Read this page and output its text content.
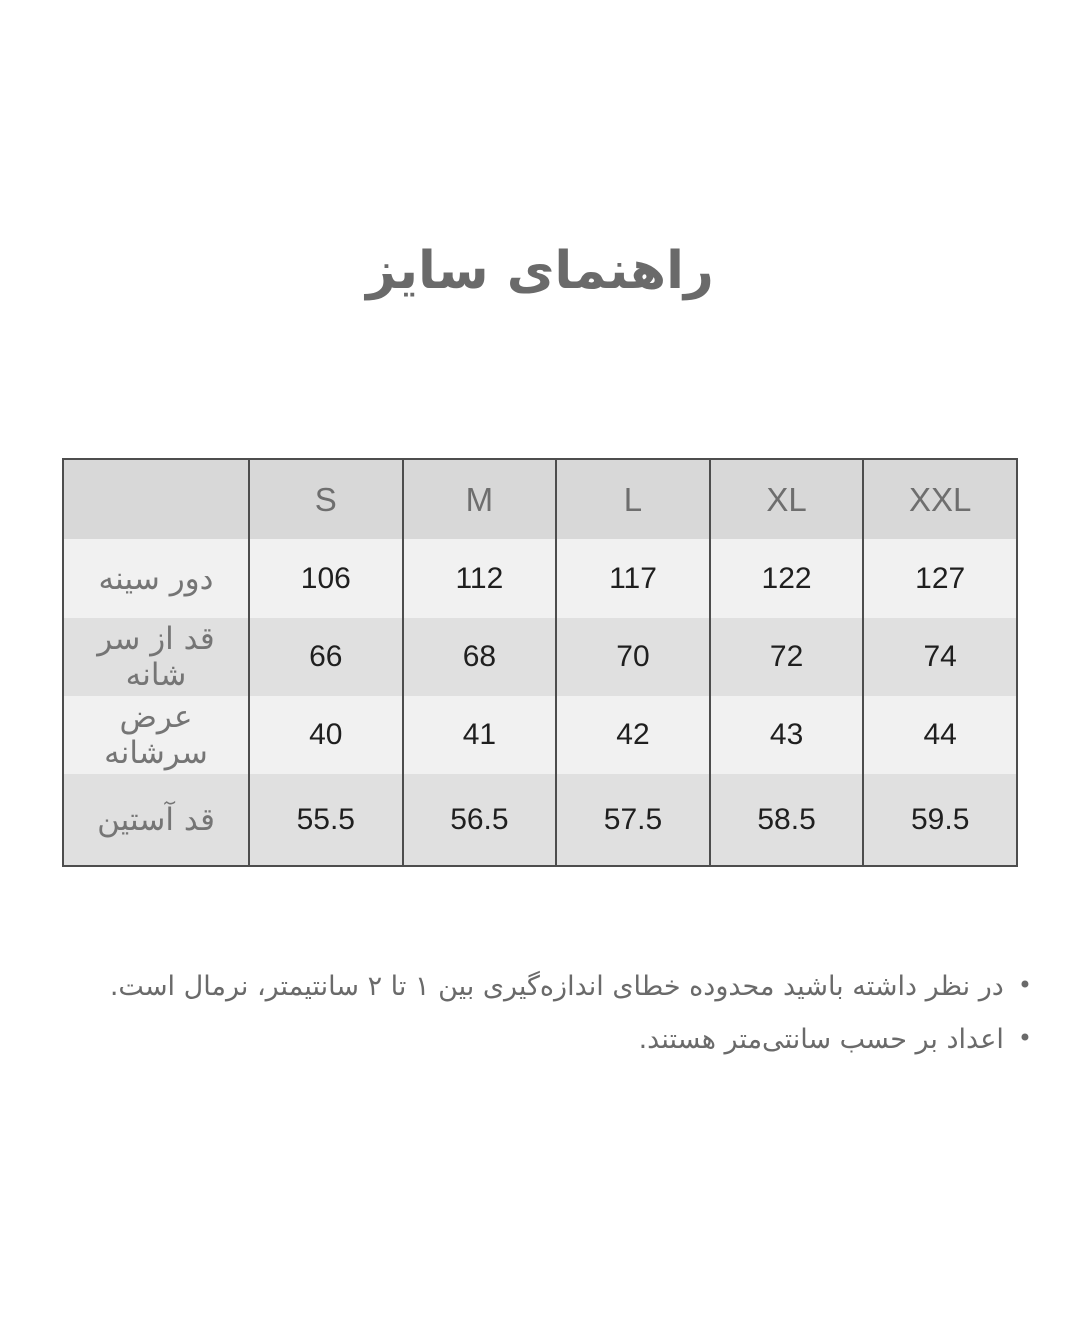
راهنمای سایز
	S	M	L	XL	XXL
دور سینه	106	112	117	122	127
قد از سر شانه	66	68	70	72	74
عرض سرشانه	40	41	42	43	44
قد آستین	55.5	56.5	57.5	58.5	59.5

•در نظر داشته باشید محدوده خطای اندازه‌گیری بین ۱ تا ۲ سانتیمتر، نرمال است.

•اعداد بر حسب سانتی‌متر هستند.
